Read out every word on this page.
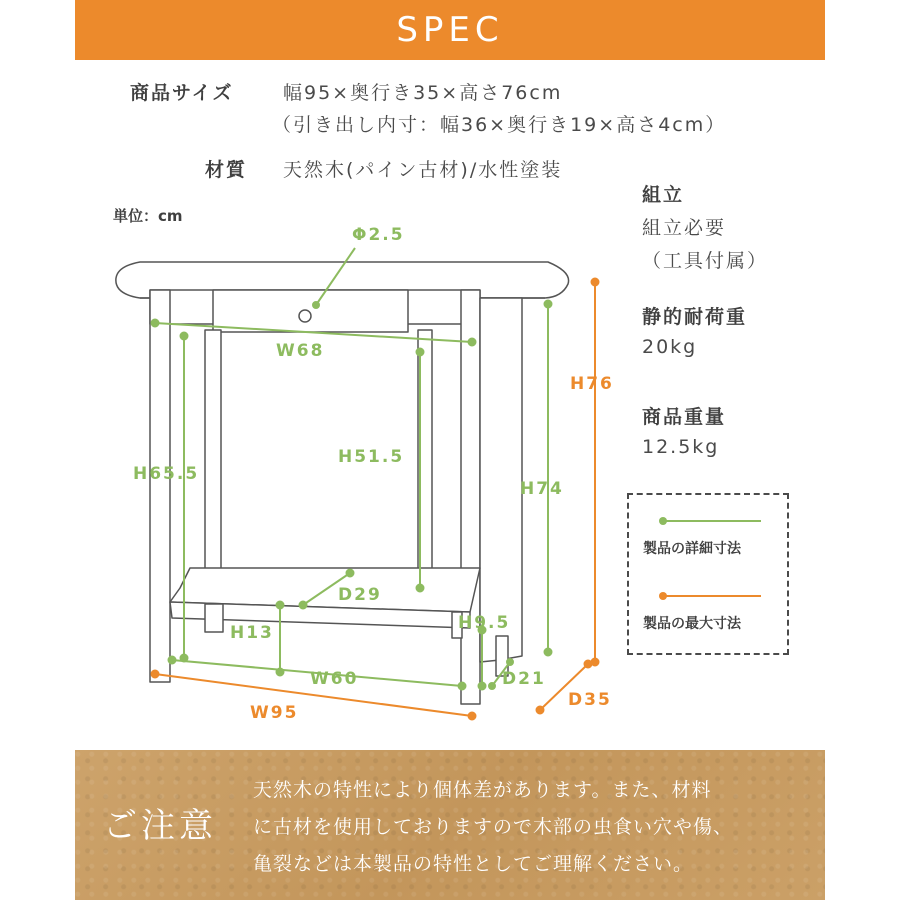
SPEC
商品サイズ	幅95×奥行き35×高さ76cm
（引き出し内寸：幅36×奥行き19×高さ4cm）
材質 天然木(パイン古材)/水性塗装
単位：cm
組立
組立必要
（工具付属）
静的耐荷重
20kg
商品重量
12.5kg
Φ2.5
W68
H51.5
H65.5
H74
H76
D29
H13	H9.5
W60	D21
W95
D35
製品の詳細寸法
製品の最大寸法
ご注意
天然木の特性により個体差があります。また、材料
に古材を使用しておりますので木部の虫食い穴や傷、
亀裂などは本製品の特性としてご理解ください。
